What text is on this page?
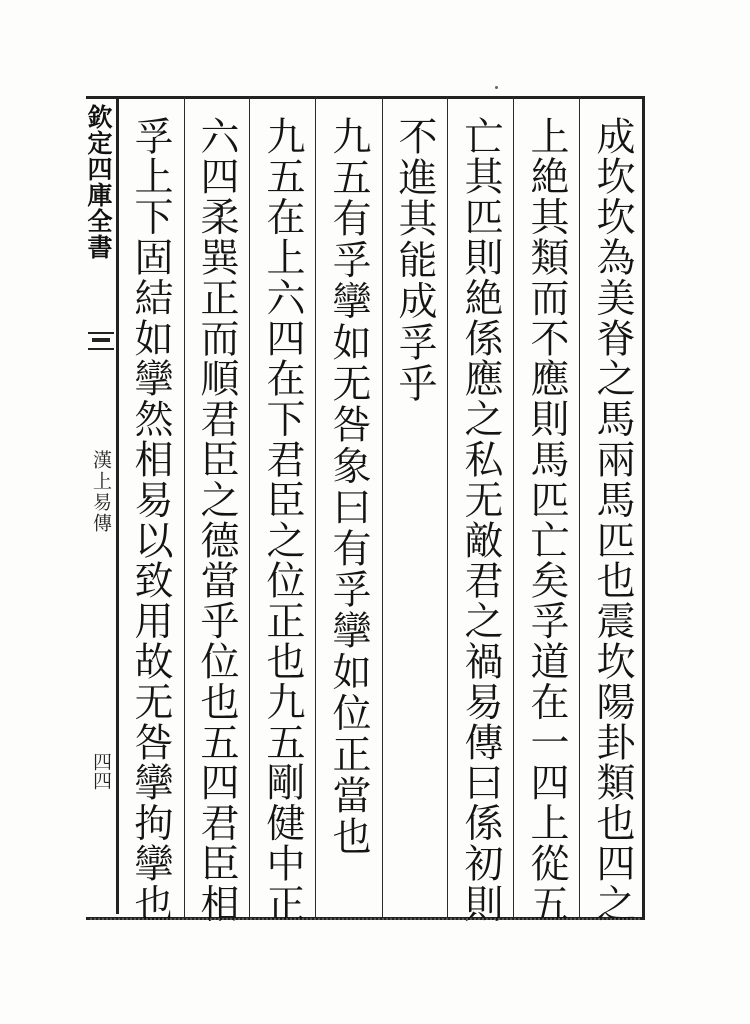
欽定四庫全書
漢上易傳
四四	成坎坎為美脊之馬兩馬匹也震坎陽卦類也四之
上絶其類而不應則馬匹亡矣孚道在一四上從五
亡其匹則絶係應之私无敵君之禍易傳曰係初則
不進其能成孚乎
九五有孚攣如无咎象曰有孚攣如位正當也
九五在上六四在下君臣之位正也九五剛健中正
六四柔巽正而順君臣之德當乎位也五四君臣相
孚上下固結如攣然相易以致用故无咎攣拘攣也
